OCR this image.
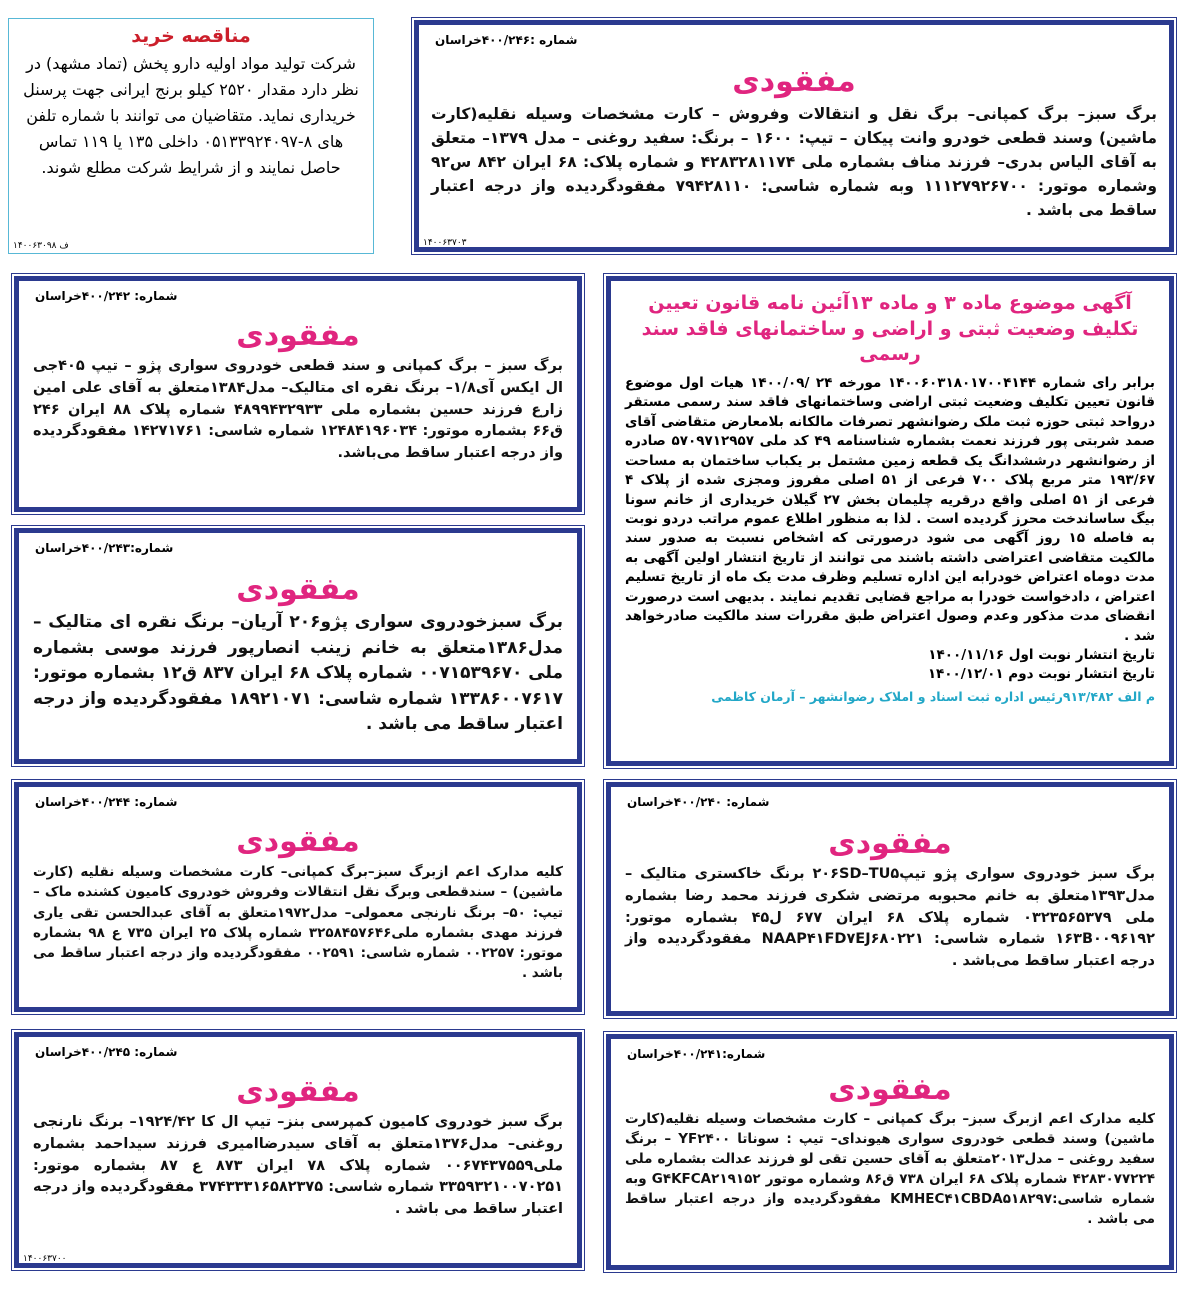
مناقصه خرید
شرکت تولید مواد اولیه دارو پخش (تماد مشهد) در نظر دارد مقدار ۲۵۲۰ کیلو برنج ایرانی جهت پرسنل خریداری نماید. متقاضیان می توانند با شماره تلفن های ۸-۰۵۱۳۳۹۲۴۰۹۷ داخلی ۱۳۵ یا ۱۱۹ تماس حاصل نمایند و از شرایط شرکت مطلع شوند.
۱۴۰۰۶۳۰۹۸ ف
شماره :۴۰۰/۲۴۶خراسان
مفقودی
برگ سبز– برگ کمپانی– برگ نقل و انتقالات وفروش – کارت مشخصات وسیله نقلیه(کارت ماشین) وسند قطعی خودرو وانت پیکان – تیپ: ۱۶۰۰ – برنگ: سفید روغنی – مدل ۱۳۷۹– متعلق به آقای الیاس بدری– فرزند مناف بشماره ملی ۴۲۸۳۲۸۱۱۷۴ و شماره پلاک: ۶۸ ایران ۸۴۲ س۹۲ وشماره موتور: ۱۱۱۲۷۹۲۶۷۰۰ وبه شماره شاسی: ۷۹۴۲۸۱۱۰ مفقودگردیده واز درجه اعتبار ساقط می باشد .
۱۴۰۰۶۳۷۰۳
شماره: ۴۰۰/۲۴۲خراسان
مفقودی
برگ سبز – برگ کمپانی و سند قطعی خودروی سواری پژو – تیپ ۴۰۵جی ال ایکس آی۱/۸– برنگ نقره ای متالیک– مدل۱۳۸۴متعلق به آقای علی امین زارع فرزند حسین بشماره ملی ۴۸۹۹۴۳۲۹۳۳ شماره پلاک ۸۸ ایران ۲۴۶ ق۶۶ بشماره موتور: ۱۲۴۸۴۱۹۶۰۳۴ شماره شاسی: ۱۴۲۷۱۷۶۱ مفقودگردیده واز درجه اعتبار ساقط می‌باشد.
شماره:۴۰۰/۲۴۳خراسان
مفقودی
برگ سبزخودروی سواری پژو۲۰۶ آریان– برنگ نقره ای متالیک – مدل۱۳۸۶متعلق به خانم زینب انصارپور فرزند موسی بشماره ملی ۰۰۷۱۵۳۹۶۷۰ شماره پلاک ۶۸ ایران ۸۳۷ ق۱۲ بشماره موتور: ۱۳۳۸۶۰۰۷۶۱۷ شماره شاسی: ۱۸۹۲۱۰۷۱ مفقودگردیده واز درجه اعتبار ساقط می باشد .
شماره: ۴۰۰/۲۴۴خراسان
مفقودی
کلیه مدارک اعم ازبرگ سبز–برگ کمپانی– کارت مشخصات وسیله نقلیه (کارت ماشین) – سندقطعی وبرگ نقل انتقالات وفروش خودروی کامیون کشنده ماک – تیپ: ۵۰– برنگ نارنجی معمولی– مدل۱۹۷۲متعلق به آقای عبدالحسن تقی یاری فرزند مهدی بشماره ملی۳۲۵۸۴۵۷۶۴۶ شماره پلاک ۲۵ ایران ۷۳۵ ع ۹۸ بشماره موتور: ۰۰۲۲۵۷ شماره شاسی: ۰۰۲۵۹۱ مفقودگردیده واز درجه اعتبار ساقط می باشد .
شماره: ۴۰۰/۲۴۵خراسان
مفقودی
برگ سبز خودروی کامیون کمپرسی بنز– تیپ ال کا ۱۹۲۴/۴۲– برنگ نارنجی روغنی– مدل۱۳۷۶متعلق به آقای سیدرضاامیری فرزند سیداحمد بشماره ملی۰۰۶۷۴۳۷۵۵۹ شماره پلاک ۷۸ ایران ۸۷۳ ع ۸۷ بشماره موتور: ۳۳۵۹۳۲۱۰۰۷۰۲۵۱ شماره شاسی: ۳۷۴۳۳۳۱۶۵۸۲۳۷۵ مفقودگردیده واز درجه اعتبار ساقط می باشد .
۱۴۰۰۶۳۷۰۰
آگهی موضوع ماده ۳ و ماده ۱۳آئین نامه قانون تعیین تکلیف وضعیت ثبتی و اراضی و ساختمانهای فاقد سند رسمی
برابر رای شماره ۱۴۰۰۶۰۳۱۸۰۱۷۰۰۴۱۴۴ مورخه ۲۴ /۱۴۰۰/۰۹ هیات اول موضوع قانون تعیین تکلیف وضعیت ثبتی اراضی وساختمانهای فاقد سند رسمی مستقر درواحد ثبتی حوزه ثبت ملک رضوانشهر تصرفات مالکانه بلامعارض متقاضی آقای صمد شربتی پور فرزند نعمت بشماره شناسنامه ۴۹ کد ملی ۵۷۰۹۷۱۲۹۵۷ صادره از رضوانشهر درششدانگ یک قطعه زمین مشتمل بر یکباب ساختمان به مساحت ۱۹۳/۶۷ متر مربع پلاک ۷۰۰ فرعی از ۵۱ اصلی مفروز ومجزی شده از پلاک ۴ فرعی از ۵۱ اصلی واقع درقریه چلیمان بخش ۲۷ گیلان خریداری از خانم سونا بیگ ساساندخت محرز گردیده است . لذا به منظور اطلاع عموم مراتب دردو نوبت به فاصله ۱۵ روز آگهی می شود درصورتی که اشخاص نسبت به صدور سند مالکیت متقاضی اعتراضی داشته باشند می توانند از تاریخ انتشار اولین آگهی به مدت دوماه اعتراض خودرابه این اداره تسلیم وظرف مدت یک ماه از تاریخ تسلیم اعتراض ، دادخواست خودرا به مراجع قضایی تقدیم نمایند . بدیهی است درصورت انقضای مدت مذکور وعدم وصول اعتراض طبق مقررات سند مالکیت صادرخواهد شد .
تاریخ انتشار نوبت اول ۱۴۰۰/۱۱/۱۶
تاریخ انتشار نوبت دوم ۱۴۰۰/۱۲/۰۱
م الف ۹۱۳/۴۸۲رئیس اداره ثبت اسناد و املاک رضوانشهر – آرمان کاظمی
شماره: ۴۰۰/۲۴۰خراسان
مفقودی
برگ سبز خودروی سواری پژو تیپ۲۰۶SD–TU۵ برنگ خاکستری متالیک – مدل۱۳۹۳متعلق به خانم محبوبه مرتضی شکری فرزند محمد رضا بشماره ملی ۰۳۲۳۵۶۵۳۷۹ شماره پلاک ۶۸ ایران ۶۷۷ ل۴۵ بشماره موتور: ۱۶۳B۰۰۹۶۱۹۲ شماره شاسی: NAAP۴۱FD۷EJ۶۸۰۲۲۱ مفقودگردیده واز درجه اعتبار ساقط می‌باشد .
شماره:۴۰۰/۲۴۱خراسان
مفقودی
کلیه مدارک اعم ازبرگ سبز– برگ کمپانی – کارت مشخصات وسیله نقلیه(کارت ماشین) وسند قطعی خودروی سواری هیوندای– تیپ : سوناتا YF۲۴۰۰ – برنگ سفید روغنی – مدل۲۰۱۳متعلق به آقای حسین تقی لو فرزند عدالت بشماره ملی ۴۲۸۳۰۷۷۲۲۴ شماره پلاک ۶۸ ایران ۷۳۸ ق۸۶ وشماره موتور G۴KFCA۲۱۹۱۵۲ وبه شماره شاسی:KMHEC۴۱CBDA۵۱۸۲۹۷ مفقودگردیده واز درجه اعتبار ساقط می باشد .
